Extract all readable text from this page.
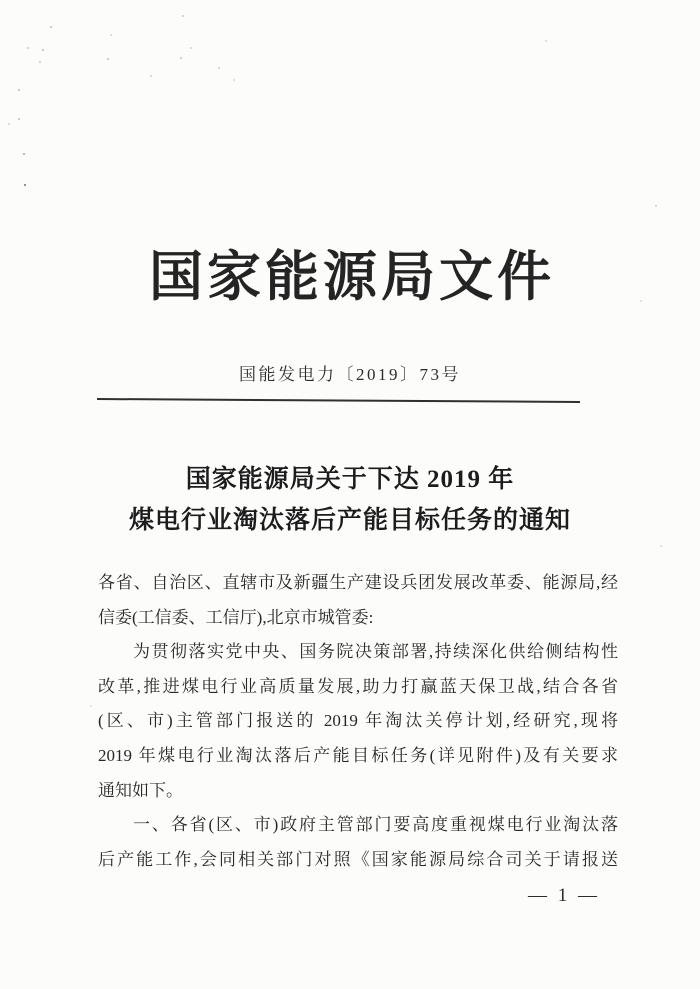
国家能源局文件
国能发电力〔2019〕73号
国家能源局关于下达 2019 年
煤电行业淘汰落后产能目标任务的通知

各省、自治区、直辖市及新疆生产建设兵团发展改革委、能源局,经

信委(工信委、工信厅),北京市城管委:

为贯彻落实党中央、国务院决策部署,持续深化供给侧结构性

改革,推进煤电行业高质量发展,助力打赢蓝天保卫战,结合各省

(区、市)主管部门报送的 2019 年淘汰关停计划,经研究,现将

2019 年煤电行业淘汰落后产能目标任务(详见附件)及有关要求

通知如下。

一、各省(区、市)政府主管部门要高度重视煤电行业淘汰落

后产能工作,会同相关部门对照《国家能源局综合司关于请报送

— 1 —
